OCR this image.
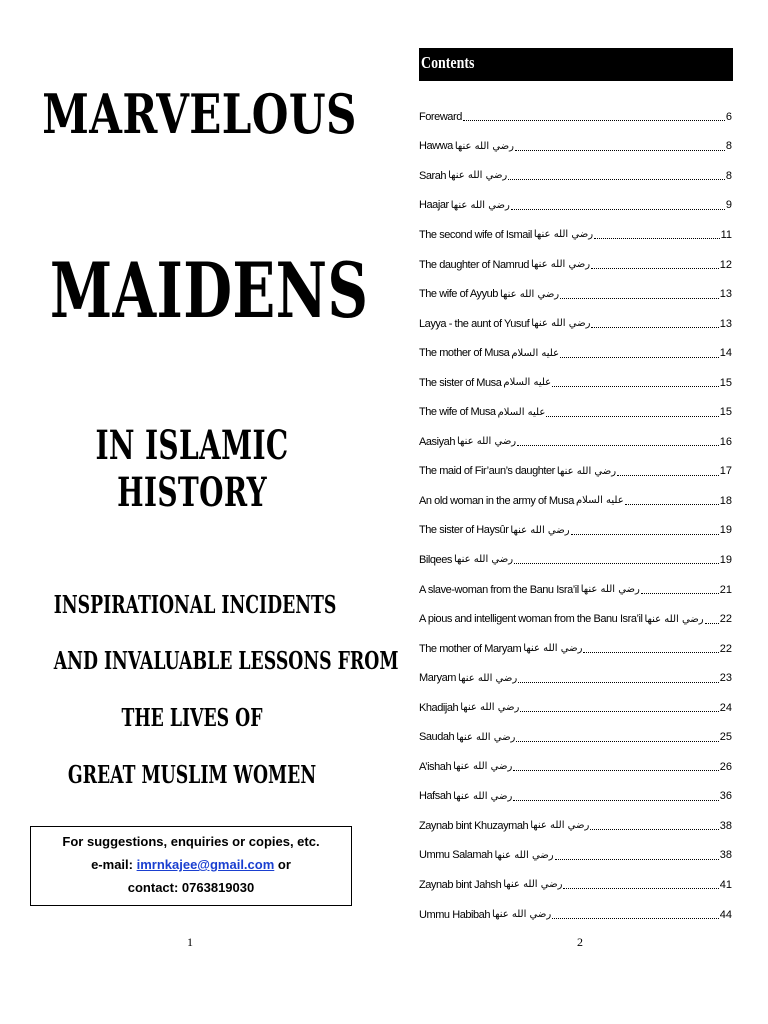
MARVELOUS
MAIDENS
IN ISLAMIC HISTORY
INSPIRATIONAL INCIDENTS
AND INVALUABLE LESSONS FROM
THE LIVES OF
GREAT MUSLIM WOMEN
For suggestions, enquiries or copies, etc.
e-mail: imrnkajee@gmail.com or
contact: 0763819030
1
Contents
Foreward	6
Hawwa رضي الله عنها	8
Sarah رضي الله عنها	8
Haajar رضي الله عنها	9
The second wife of Ismail رضي الله عنها	11
The daughter of Namrud رضي الله عنها	12
The wife of Ayyub رضي الله عنها	13
Layya - the aunt of Yusuf رضي الله عنها	13
The mother of Musa عليه السلام	14
The sister of Musa عليه السلام	15
The wife of Musa عليه السلام	15
Aasiyah رضي الله عنها	16
The maid of Fir’aun’s daughter رضي الله عنها	17
An old woman in the army of Musa عليه السلام	18
The sister of Haysûr رضي الله عنها	19
Bilqees رضي الله عنها	19
A slave-woman from the Banu Isra’il رضي الله عنها	21
A pious and intelligent woman from the Banu Isra’il رضي الله عنها 22
The mother of Maryam رضي الله عنها	22
Maryam رضي الله عنها	23
Khadijah رضي الله عنها	24
Saudah رضي الله عنها	25
A’ishah رضي الله عنها	26
Hafsah رضي الله عنها	36
Zaynab bint Khuzaymah رضي الله عنها	38
Ummu Salamah رضي الله عنها	38
Zaynab bint Jahsh رضي الله عنها	41
Ummu Habibah رضي الله عنها	44
2
